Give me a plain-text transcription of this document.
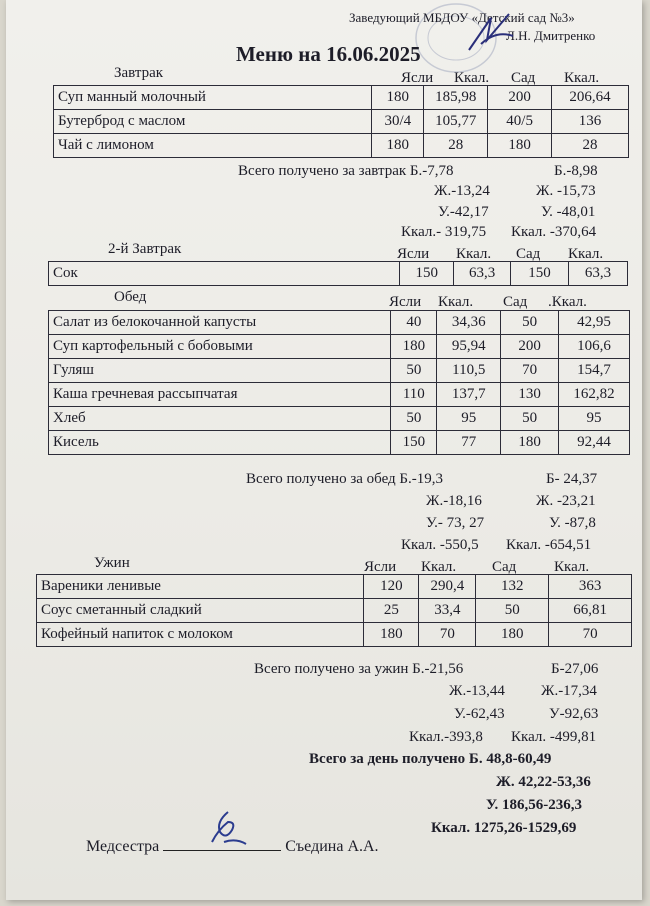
Заведующий МБДОУ «Детский сад №3»
Л.Н. Дмитренко
Меню на 16.06.2025
Завтрак	Ясли Ккал. Сад Ккал.
Суп манный молочный	180	185,98	200	206,64
Бутерброд с маслом	30/4	105,77	40/5	136
Чай с лимоном	180	28	180	28
Всего получено за завтрак Б.-7,78	Б.-8,98
Ж.-13,24	Ж. -15,73
У.-42,17	У. -48,01
Ккал.- 319,75 Ккал. -370,64
2-й Завтрак	Ясли Ккал. Сад Ккал.
Сок	150	63,3	150	63,3
Обед	Ясли Ккал. Сад .Ккал.
Салат из белокочанной капусты	40	34,36	50	42,95
Суп картофельный с бобовыми	180	95,94	200	106,6
Гуляш	50	110,5	70	154,7
Каша гречневая рассыпчатая	110	137,7	130	162,82
Хлеб	50	95	50	95
Кисель	150	77	180	92,44
Всего получено за обед Б.-19,3	Б- 24,37
Ж.-18,16	Ж. -23,21
У.- 73, 27	У. -87,8
Ккал. -550,5 Ккал. -654,51
Ужин	Ясли Ккал. Сад	Ккал.
Вареники ленивые	120	290,4	132	363
Соус сметанный сладкий	25	33,4	50	66,81
Кофейный напиток с молоком	180	70	180	70
Всего получено за ужин Б.-21,56	Б-27,06
Ж.-13,44 Ж.-17,34
У.-62,43	У-92,63
Ккал.-393,8 Ккал. -499,81
Всего за день получено Б. 48,8-60,49
Ж. 42,22-53,36
У. 186,56-236,3
Ккал. 1275,26-1529,69
Медсестра	Съедина А.А.
